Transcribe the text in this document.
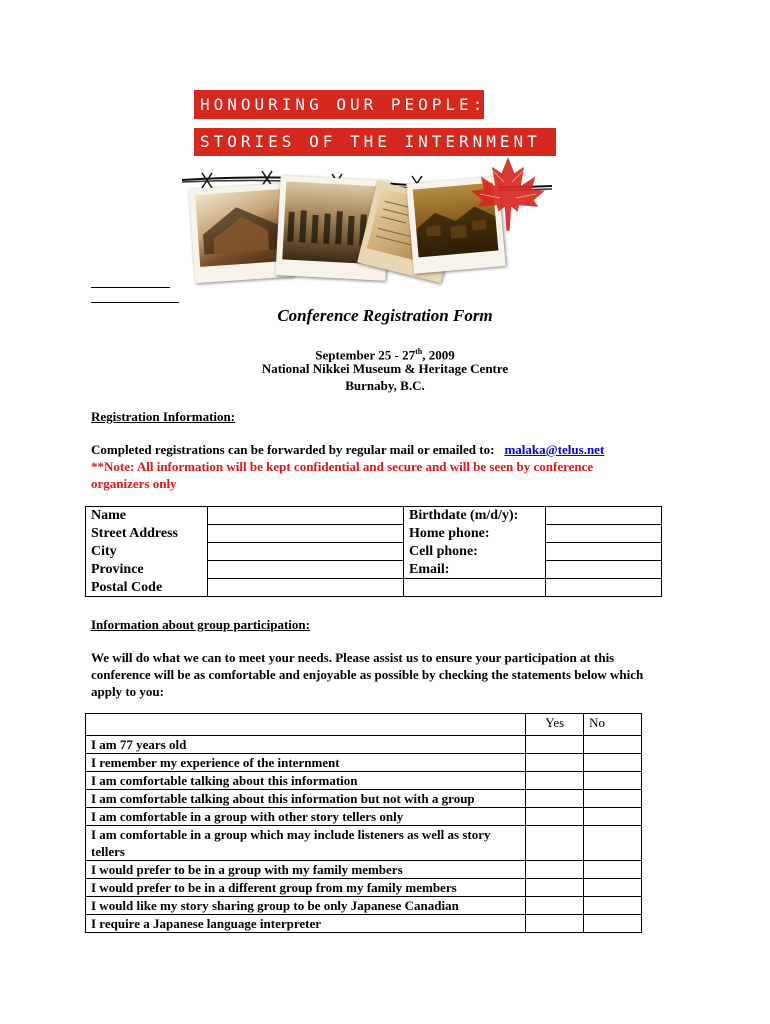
HONOURING OUR PEOPLE:
STORIES OF THE INTERNMENT
Conference Registration Form
September 25 - 27th, 2009
National Nikkei Museum & Heritage Centre
Burnaby, B.C.
Registration Information:
Completed registrations can be forwarded by regular mail or emailed to: malaka@telus.net
**Note: All information will be kept confidential and secure and will be seen by conference
organizers only
Name		Birthdate (m/d/y):	
Street Address		Home phone:	
City		Cell phone:	
Province		Email:	
Postal Code			
Information about group participation:
We will do what we can to meet your needs. Please assist us to ensure your participation at this
conference will be as comfortable and enjoyable as possible by checking the statements below which
apply to you:
	Yes	No
I am 77 years old		
I remember my experience of the internment		
I am comfortable talking about this information		
I am comfortable talking about this information but not with a group		
I am comfortable in a group with other story tellers only		
I am comfortable in a group which may include listeners as well as story tellers		
I would prefer to be in a group with my family members		
I would prefer to be in a different group from my family members		
I would like my story sharing group to be only Japanese Canadian		
I require a Japanese language interpreter		
